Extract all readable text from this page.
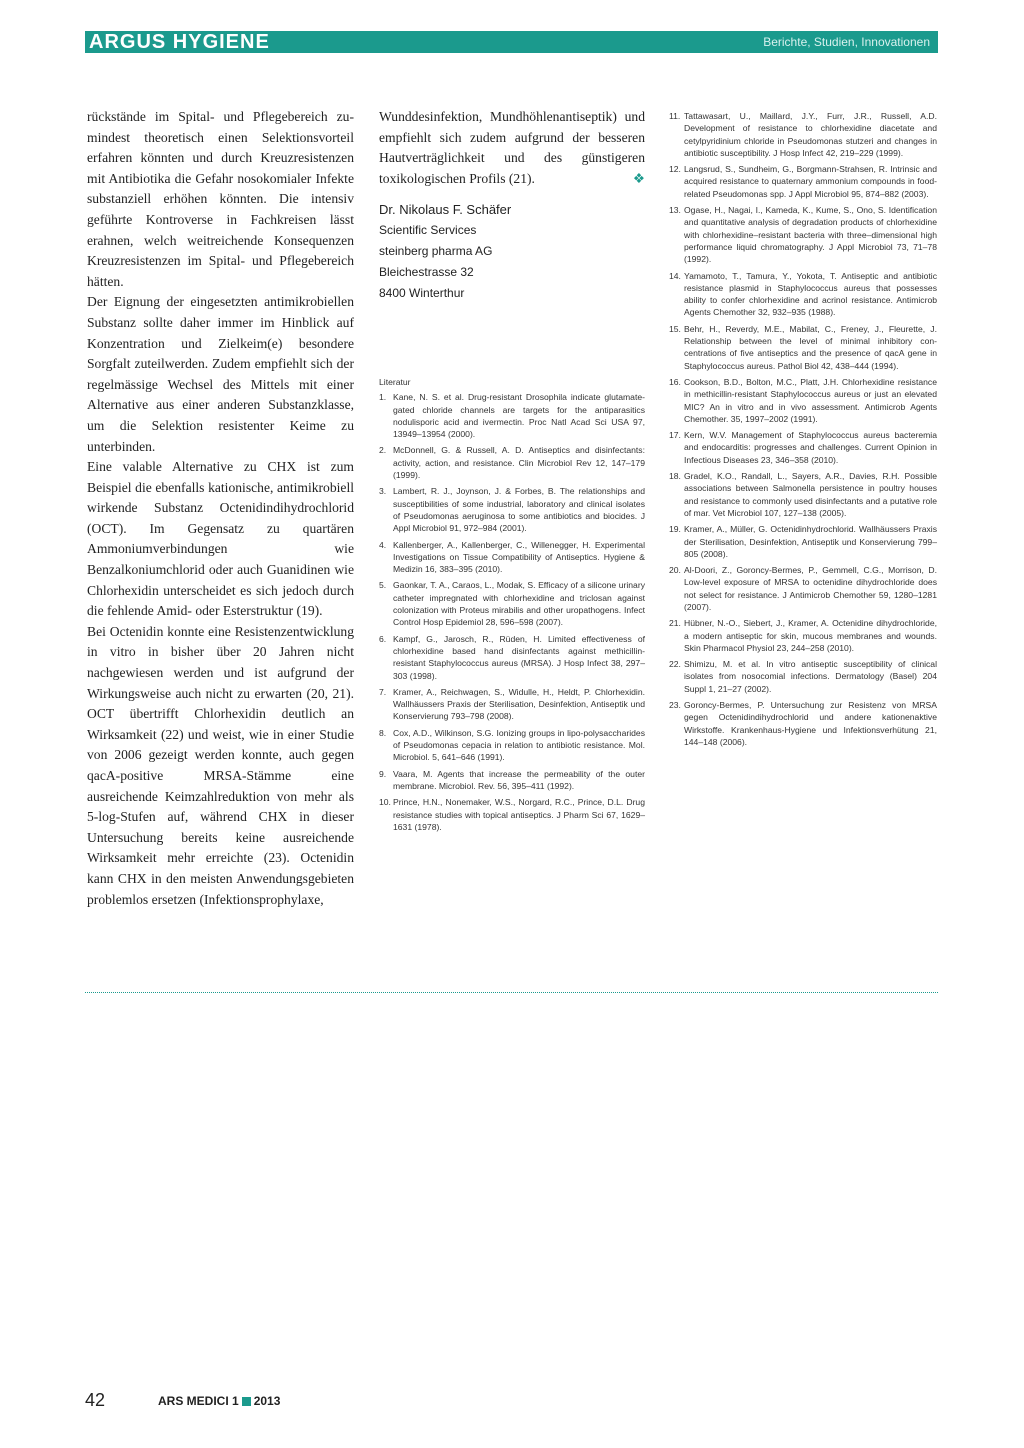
ARGUS HYGIENE	Berichte, Studien, Innovationen

rückstände im Spital- und Pflegebereich zumindest theoretisch einen Selektionsvorteil erfahren könnten und durch Kreuzresistenzen mit Antibiotika die Gefahr nosokomialer Infekte substanziell erhöhen könnten. Die intensiv geführte Kontroverse in Fachkreisen lässt erahnen, welch weitreichende Konsequenzen Kreuzresistenzen im Spital- und Pflegebereich hätten.

Der Eignung der eingesetzten antimikrobiellen Substanz sollte daher immer im Hinblick auf Konzentration und Zielkeim(e) besondere Sorgfalt zuteilwerden. Zudem empfiehlt sich der regelmässige Wechsel des Mittels mit einer Alternative aus einer anderen Substanzklasse, um die Selektion resistenter Keime zu unterbinden.

Eine valable Alternative zu CHX ist zum Beispiel die ebenfalls kationische, antimikrobiell wirkende Substanz Octenidindihydrochlorid (OCT). Im Gegensatz zu quartären Ammoniumverbindungen wie Benzalkoniumchlorid oder auch Guanidinen wie Chlorhexidin unterscheidet es sich jedoch durch die fehlende Amid- oder Esterstruktur (19).

Bei Octenidin konnte eine Resistenzentwicklung in vitro in bisher über 20 Jahren nicht nachgewiesen werden und ist aufgrund der Wirkungsweise auch nicht zu erwarten (20, 21). OCT übertrifft Chlorhexidin deutlich an Wirksamkeit (22) und weist, wie in einer Studie von 2006 gezeigt werden konnte, auch gegen qacA-positive MRSA-Stämme eine ausreichende Keimzahlreduktion von mehr als 5-log-Stufen auf, während CHX in dieser Untersuchung bereits keine ausreichende Wirksamkeit mehr erreichte (23). Octenidin kann CHX in den meisten Anwendungsgebieten problemlos ersetzen (Infektionsprophylaxe,

Wunddesinfektion, Mundhöhlenantiseptik) und empfiehlt sich zudem aufgrund der besseren Hautverträglichkeit und des günstigeren toxikologischen Profils (21).	❖

Dr. Nikolaus F. Schäfer
Scientific Services
steinberg pharma AG
Bleichestrasse 32
8400 Winterthur
Literatur
1. Kane, N. S. et al. Drug-resistant Drosophila indicate glutamate-gated chloride channels are targets for the antiparasitics nodulisporic acid and ivermectin. Proc Natl Acad Sci USA 97, 13949–13954 (2000).
2. McDonnell, G. & Russell, A. D. Antiseptics and disinfectants: activity, action, and resistance. Clin Microbiol Rev 12, 147–179 (1999).
3. Lambert, R. J., Joynson, J. & Forbes, B. The relationships and susceptibilities of some industrial, laboratory and clinical isolates of Pseudomonas aeruginosa to some antibiotics and biocides. J Appl Microbiol 91, 972–984 (2001).
4. Kallenberger, A., Kallenberger, C., Willenegger, H. Experimental Investigations on Tissue Compatibility of Antiseptics. Hygiene & Medizin 16, 383–395 (2010).
5. Gaonkar, T. A., Caraos, L., Modak, S. Efficacy of a silicone urinary catheter impregnated with chlorhexidine and triclosan against colonization with Proteus mirabilis and other uropathogens. Infect Control Hosp Epidemiol 28, 596–598 (2007).
6. Kampf, G., Jarosch, R., Rüden, H. Limited effectiveness of chlorhexidine based hand disinfectants against methicillin-resistant Staphylococcus aureus (MRSA). J Hosp Infect 38, 297–303 (1998).
7. Kramer, A., Reichwagen, S., Widulle, H., Heldt, P. Chlorhexidin. Wallhäussers Praxis der Sterilisation, Desinfektion, Antiseptik und Konservierung 793–798 (2008).
8. Cox, A.D., Wilkinson, S.G. Ionizing groups in lipo-polysaccharides of Pseudomonas cepacia in relation to antibiotic resistance. Mol. Microbiol. 5, 641–646 (1991).
9. Vaara, M. Agents that increase the permeability of the outer membrane. Microbiol. Rev. 56, 395–411 (1992).
10. Prince, H.N., Nonemaker, W.S., Norgard, R.C., Prince, D.L. Drug resistance studies with topical antiseptics. J Pharm Sci 67, 1629–1631 (1978).
11. Tattawasart, U., Maillard, J.Y., Furr, J.R., Russell, A.D. Development of resistance to chlorhexidine diacetate and cetylpyridinium chloride in Pseudomonas stutzeri and changes in antibiotic susceptibility. J Hosp Infect 42, 219–229 (1999).
12. Langsrud, S., Sundheim, G., Borgmann-Strahsen, R. Intrinsic and acquired resistance to quaternary ammonium compounds in food-related Pseudomonas spp. J Appl Microbiol 95, 874–882 (2003).
13. Ogase, H., Nagai, I., Kameda, K., Kume, S., Ono, S. Identification and quantitative analysis of degradation products of chlorhexidine with chlorhexidine–resistant bacteria with three–dimensional high performance liquid chromatography. J Appl Microbiol 73, 71–78 (1992).
14. Yamamoto, T., Tamura, Y., Yokota, T. Antiseptic and antibiotic resistance plasmid in Staphylococcus aureus that possesses ability to confer chlorhexidine and acrinol resistance. Antimicrob Agents Chemother 32, 932–935 (1988).
15. Behr, H., Reverdy, M.E., Mabilat, C., Freney, J., Fleurette, J. Relationship between the level of minimal inhibitory concentrations of five antiseptics and the presence of qacA gene in Staphylococcus aureus. Pathol Biol 42, 438–444 (1994).
16. Cookson, B.D., Bolton, M.C., Platt, J.H. Chlorhexidine resistance in methicillin-resistant Staphylococcus aureus or just an elevated MIC? An in vitro and in vivo assessment. Antimicrob Agents Chemother. 35, 1997–2002 (1991).
17. Kern, W.V. Management of Staphylococcus aureus bacteremia and endocarditis: progresses and challenges. Current Opinion in Infectious Diseases 23, 346–358 (2010).
18. Gradel, K.O., Randall, L., Sayers, A.R., Davies, R.H. Possible associations between Salmonella persistence in poultry houses and resistance to commonly used disinfectants and a putative role of mar. Vet Microbiol 107, 127–138 (2005).
19. Kramer, A., Müller, G. Octenidinhydrochlorid. Wallhäussers Praxis der Sterilisation, Desinfektion, Antiseptik und Konservierung 799–805 (2008).
20. Al-Doori, Z., Goroncy-Bermes, P., Gemmell, C.G., Morrison, D. Low-level exposure of MRSA to octenidine dihydrochloride does not select for resistance. J Antimicrob Chemother 59, 1280–1281 (2007).
21. Hübner, N.-O., Siebert, J., Kramer, A. Octenidine dihydrochloride, a modern antiseptic for skin, mucous membranes and wounds. Skin Pharmacol Physiol 23, 244–258 (2010).
22. Shimizu, M. et al. In vitro antiseptic susceptibility of clinical isolates from nosocomial infections. Dermatology (Basel) 204 Suppl 1, 21–27 (2002).
23. Goroncy-Bermes, P. Untersuchung zur Resistenz von MRSA gegen Octenidindihydrochlorid und andere kationenaktive Wirkstoffe. Krankenhaus-Hygiene und Infektionsverhütung 21, 144–148 (2006).
42	ARS MEDICI 1 2013
